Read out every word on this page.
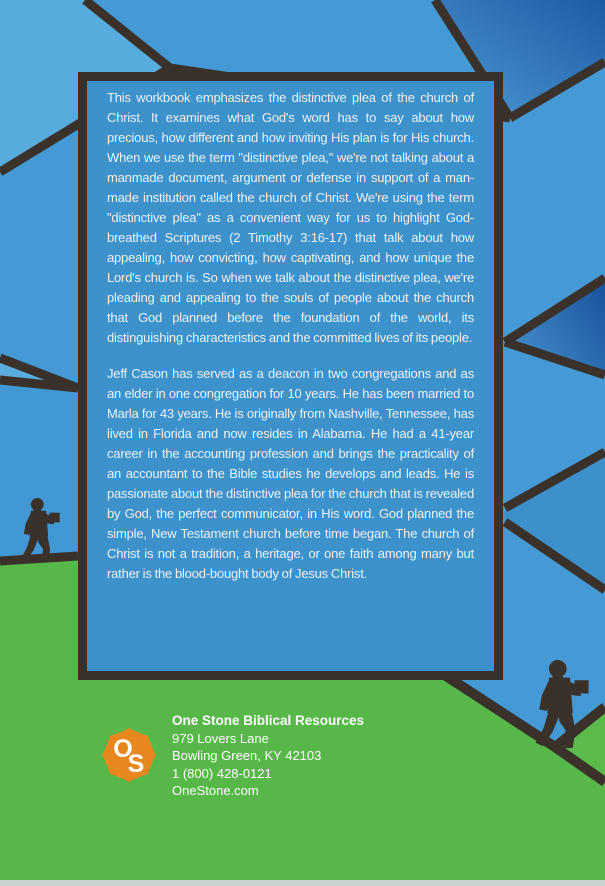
This workbook emphasizes the distinctive plea of the church of Christ. It examines what God's word has to say about how precious, how different and how inviting His plan is for His church. When we use the term "distinctive plea," we're not talking about a manmade document, argument or defense in support of a man-made institution called the church of Christ. We're using the term "distinctive plea" as a convenient way for us to highlight God-breathed Scriptures (2 Timothy 3:16-17) that talk about how appealing, how convicting, how captivating, and how unique the Lord's church is. So when we talk about the distinctive plea, we're pleading and appealing to the souls of people about the church that God planned before the foundation of the world, its distinguishing characteristics and the committed lives of its people.

Jeff Cason has served as a deacon in two congregations and as an elder in one congregation for 10 years. He has been married to Marla for 43 years. He is originally from Nashville, Tennessee, has lived in Florida and now resides in Alabama. He had a 41-year career in the accounting profession and brings the practicality of an accountant to the Bible studies he develops and leads. He is passionate about the distinctive plea for the church that is revealed by God, the perfect communicator, in His word. God planned the simple, New Testament church before time began. The church of Christ is not a tradition, a heritage, or one faith among many but rather is the blood-bought body of Jesus Christ.

O
S
One Stone Biblical Resources
979 Lovers Lane
Bowling Green, KY 42103
1 (800) 428-0121
OneStone.com
